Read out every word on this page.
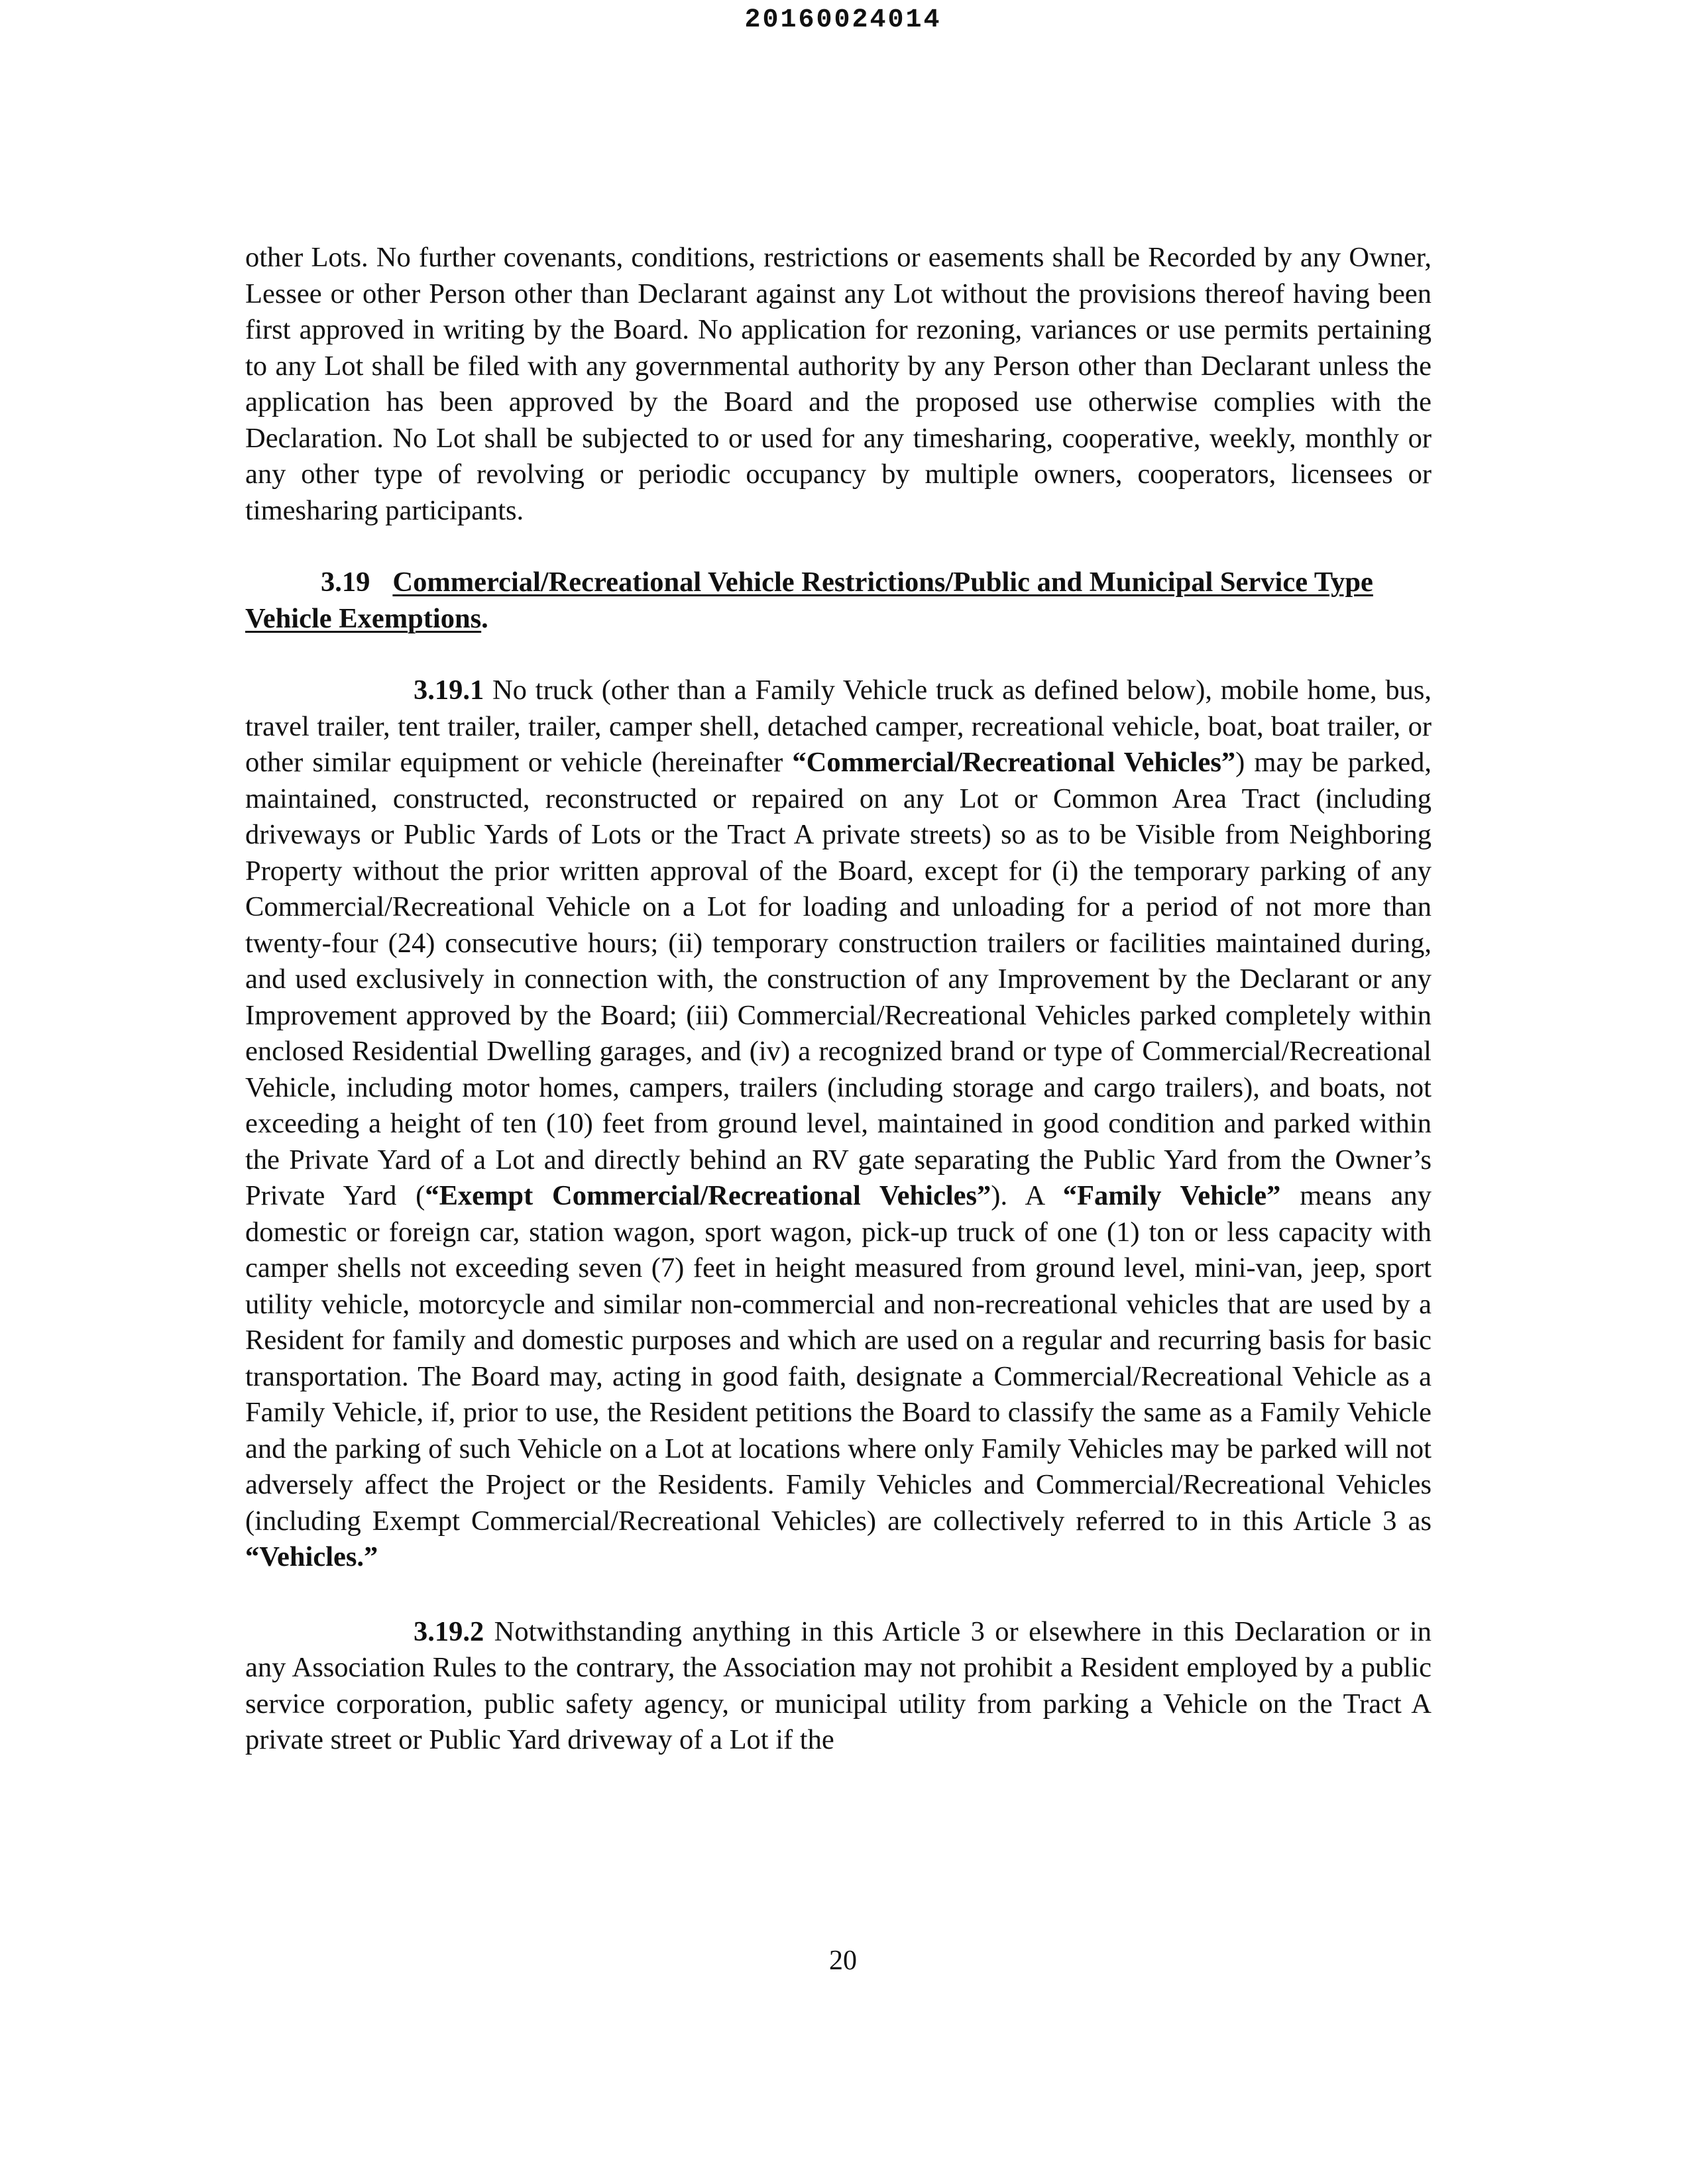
20160024014

other Lots. No further covenants, conditions, restrictions or easements shall be Recorded by any Owner, Lessee or other Person other than Declarant against any Lot without the provisions thereof having been first approved in writing by the Board. No application for rezoning, variances or use permits pertaining to any Lot shall be filed with any governmental authority by any Person other than Declarant unless the application has been approved by the Board and the proposed use otherwise complies with the Declaration. No Lot shall be subjected to or used for any timesharing, cooperative, weekly, monthly or any other type of revolving or periodic occupancy by multiple owners, cooperators, licensees or timesharing participants.

3.19 Commercial/Recreational Vehicle Restrictions/Public and Municipal Service Type Vehicle Exemptions.

3.19.1 No truck (other than a Family Vehicle truck as defined below), mobile home, bus, travel trailer, tent trailer, trailer, camper shell, detached camper, recreational vehicle, boat, boat trailer, or other similar equipment or vehicle (hereinafter “Commercial/Recreational Vehicles”) may be parked, maintained, constructed, reconstructed or repaired on any Lot or Common Area Tract (including driveways or Public Yards of Lots or the Tract A private streets) so as to be Visible from Neighboring Property without the prior written approval of the Board, except for (i) the temporary parking of any Commercial/Recreational Vehicle on a Lot for loading and unloading for a period of not more than twenty-four (24) consecutive hours; (ii) temporary construction trailers or facilities maintained during, and used exclusively in connection with, the construction of any Improvement by the Declarant or any Improvement approved by the Board; (iii) Commercial/Recreational Vehicles parked completely within enclosed Residential Dwelling garages, and (iv) a recognized brand or type of Commercial/Recreational Vehicle, including motor homes, campers, trailers (including storage and cargo trailers), and boats, not exceeding a height of ten (10) feet from ground level, maintained in good condition and parked within the Private Yard of a Lot and directly behind an RV gate separating the Public Yard from the Owner’s Private Yard (“Exempt Commercial/Recreational Vehicles”). A “Family Vehicle” means any domestic or foreign car, station wagon, sport wagon, pick-up truck of one (1) ton or less capacity with camper shells not exceeding seven (7) feet in height measured from ground level, mini-van, jeep, sport utility vehicle, motorcycle and similar non-commercial and non-recreational vehicles that are used by a Resident for family and domestic purposes and which are used on a regular and recurring basis for basic transportation. The Board may, acting in good faith, designate a Commercial/Recreational Vehicle as a Family Vehicle, if, prior to use, the Resident petitions the Board to classify the same as a Family Vehicle and the parking of such Vehicle on a Lot at locations where only Family Vehicles may be parked will not adversely affect the Project or the Residents. Family Vehicles and Commercial/Recreational Vehicles (including Exempt Commercial/Recreational Vehicles) are collectively referred to in this Article 3 as “Vehicles.”

3.19.2 Notwithstanding anything in this Article 3 or elsewhere in this Declaration or in any Association Rules to the contrary, the Association may not prohibit a Resident employed by a public service corporation, public safety agency, or municipal utility from parking a Vehicle on the Tract A private street or Public Yard driveway of a Lot if the

20
